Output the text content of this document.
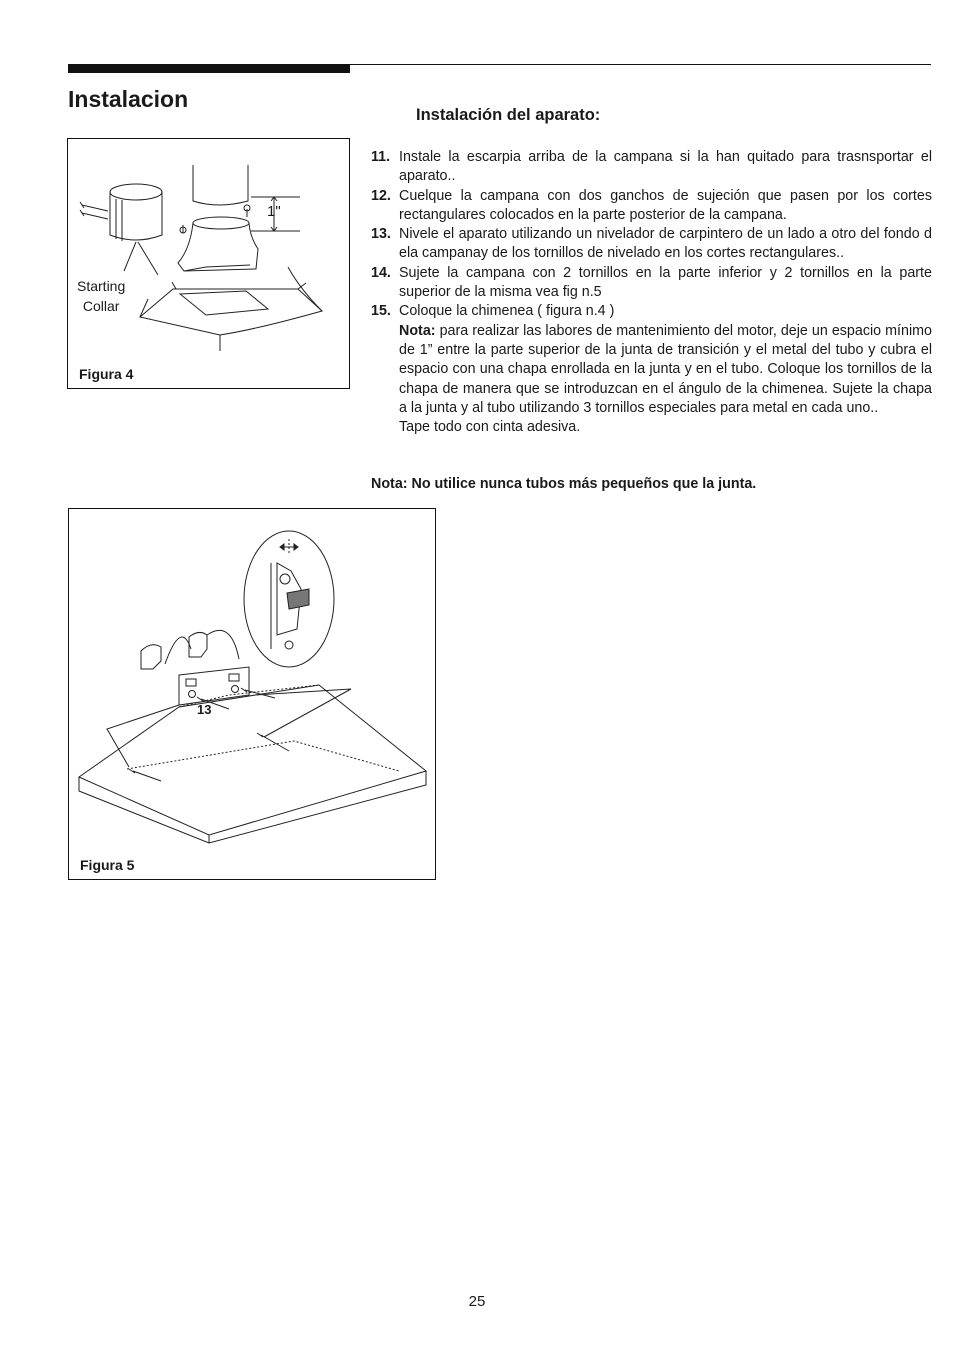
Instalacion
Instalación del aparato:
Starting
Collar
1"
Figura 4
11. Instale la escarpia arriba de la campana si la han quitado para trasnsportar el aparato..
12. Cuelque la campana con dos ganchos de sujeción que pasen por los cortes rectangulares colocados en la parte posterior de la campana.
13. Nivele el aparato utilizando un nivelador de carpintero de un lado a otro del fondo d ela campanay de los tornillos de nivelado en los cortes rectangulares..
14. Sujete la campana con 2 tornillos en la parte inferior y 2 tornillos en la parte superior de la misma vea fig n.5
15. Coloque la chimenea ( figura n.4 )

Nota: para realizar las labores de mantenimiento del motor, deje un espacio mínimo de 1” entre la parte superior de la junta de transición y el metal del tubo y cubra el espacio con una chapa enrollada en la junta y en el tubo. Coloque los tornillos de la chapa de manera que se introduzcan en el ángulo de la chimenea. Sujete la chapa a la junta y al tubo utilizando 3 tornillos especiales para metal en cada uno..

Tape todo con cinta adesiva.

Nota: No utilice nunca tubos más pequeños que la junta.
13
Figura 5
25
